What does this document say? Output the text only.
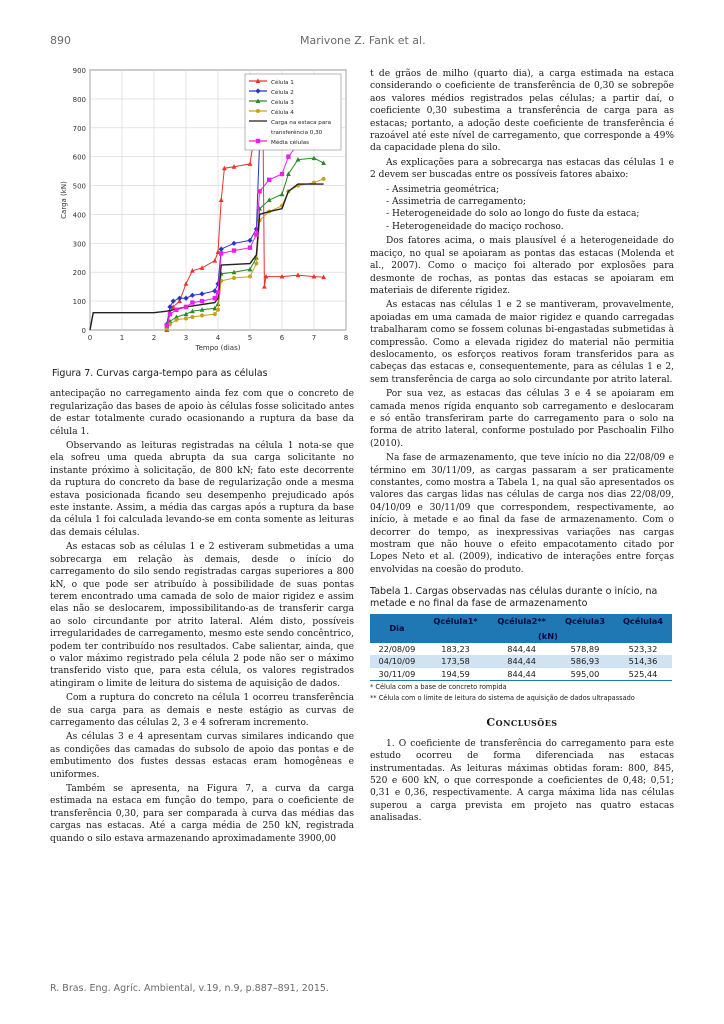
890	Marivone Z. Fank et al.
0
100
200
300
400
500
600
700
800
900
0	1	2	3	4	5	6	7	8
Tempo (dias)
Carga (kN)
Célula 1
Célula 2
Célula 3
Célula 4
Carga na estaca para
transferência 0,30
Média células
Figura 7. Curvas carga-tempo para as células

antecipação no carregamento ainda fez com que o concreto de regularização das bases de apoio às células fosse solicitado antes de estar totalmente curado ocasionando a ruptura da base da célula 1.

Observando as leituras registradas na célula 1 nota-se que ela sofreu uma queda abrupta da sua carga solicitante no instante próximo à solicitação, de 800 kN; fato este decorrente da ruptura do concreto da base de regularização onde a mesma estava posicionada ficando seu desempenho prejudicado após este instante. Assim, a média das cargas após a ruptura da base da célula 1 foi calculada levando-se em conta somente as leituras das demais células.

As estacas sob as células 1 e 2 estiveram submetidas a uma sobrecarga em relação às demais, desde o início do carregamento do silo sendo registradas cargas superiores a 800 kN, o que pode ser atribuído à possibilidade de suas pontas terem encontrado uma camada de solo de maior rigidez e assim elas não se deslocarem, impossibilitando-as de transferir carga ao solo circundante por atrito lateral. Além disto, possíveis irregularidades de carregamento, mesmo este sendo concêntrico, podem ter contribuído nos resultados. Cabe salientar, ainda, que o valor máximo registrado pela célula 2 pode não ser o máximo transferido visto que, para esta célula, os valores registrados atingiram o limite de leitura do sistema de aquisição de dados.

Com a ruptura do concreto na célula 1 ocorreu transferência de sua carga para as demais e neste estágio as curvas de carregamento das células 2, 3 e 4 sofreram incremento.

As células 3 e 4 apresentam curvas similares indicando que as condições das camadas do subsolo de apoio das pontas e de embutimento dos fustes dessas estacas eram homogêneas e uniformes.

Também se apresenta, na Figura 7, a curva da carga estimada na estaca em função do tempo, para o coeficiente de transferência 0,30, para ser comparada à curva das médias das cargas nas estacas. Até a carga média de 250 kN, registrada quando o silo estava armazenando aproximadamente 3900,00

t de grãos de milho (quarto dia), a carga estimada na estaca considerando o coeficiente de transferência de 0,30 se sobrepõe aos valores médios registrados pelas células; a partir daí, o coeficiente 0,30 subestima a transferência de carga para as estacas; portanto, a adoção deste coeficiente de transferência é razoável até este nível de carregamento, que corresponde a 49% da capacidade plena do silo.

As explicações para a sobrecarga nas estacas das células 1 e 2 devem ser buscadas entre os possíveis fatores abaixo:

- Assimetria geométrica;
- Assimetria de carregamento;
- Heterogeneidade do solo ao longo do fuste da estaca;
- Heterogeneidade do maciço rochoso.

Dos fatores acima, o mais plausível é a heterogeneidade do maciço, no qual se apoiaram as pontas das estacas (Molenda et al., 2007). Como o maciço foi alterado por explosões para desmonte de rochas, as pontas das estacas se apoiaram em materiais de diferente rigidez.

As estacas nas células 1 e 2 se mantiveram, provavelmente, apoiadas em uma camada de maior rigidez e quando carregadas trabalharam como se fossem colunas bi-engastadas submetidas à compressão. Como a elevada rigidez do material não permitia deslocamento, os esforços reativos foram transferidos para as cabeças das estacas e, consequentemente, para as células 1 e 2, sem transferência de carga ao solo circundante por atrito lateral.

Por sua vez, as estacas das células 3 e 4 se apoiaram em camada menos rígida enquanto sob carregamento e deslocaram e só então transferiram parte do carregamento para o solo na forma de atrito lateral, conforme postulado por Paschoalin Filho (2010).

Na fase de armazenamento, que teve início no dia 22/08/09 e término em 30/11/09, as cargas passaram a ser praticamente constantes, como mostra a Tabela 1, na qual são apresentados os valores das cargas lidas nas células de carga nos dias 22/08/09, 04/10/09 e 30/11/09 que correspondem, respectivamente, ao início, à metade e ao final da fase de armazenamento. Com o decorrer do tempo, as inexpressivas variações nas cargas mostram que não houve o efeito empacotamento citado por Lopes Neto et al. (2009), indicativo de interações entre forças envolvidas na coesão do produto.

Tabela 1. Cargas observadas nas células durante o início, na metade e no final da fase de armazenamento
Dia	Qcélula1*	Qcélula2**	Qcélula3	Qcélula4
	(kN)			
22/08/09	183,23	844,44	578,89	523,32
04/10/09	173,58	844,44	586,93	514,36
30/11/09	194,59	844,44	595,00	525,44
* Célula com a base de concreto rompida
** Célula com o limite de leitura do sistema de aquisição de dados ultrapassado
Conclusões

1. O coeficiente de transferência do carregamento para este estudo ocorreu de forma diferenciada nas estacas instrumentadas. As leituras máximas obtidas foram: 800, 845, 520 e 600 kN, o que corresponde a coeficientes de 0,48; 0,51; 0,31 e 0,36, respectivamente. A carga máxima lida nas células superou a carga prevista em projeto nas quatro estacas analisadas.

R. Bras. Eng. Agríc. Ambiental, v.19, n.9, p.887–891, 2015.
